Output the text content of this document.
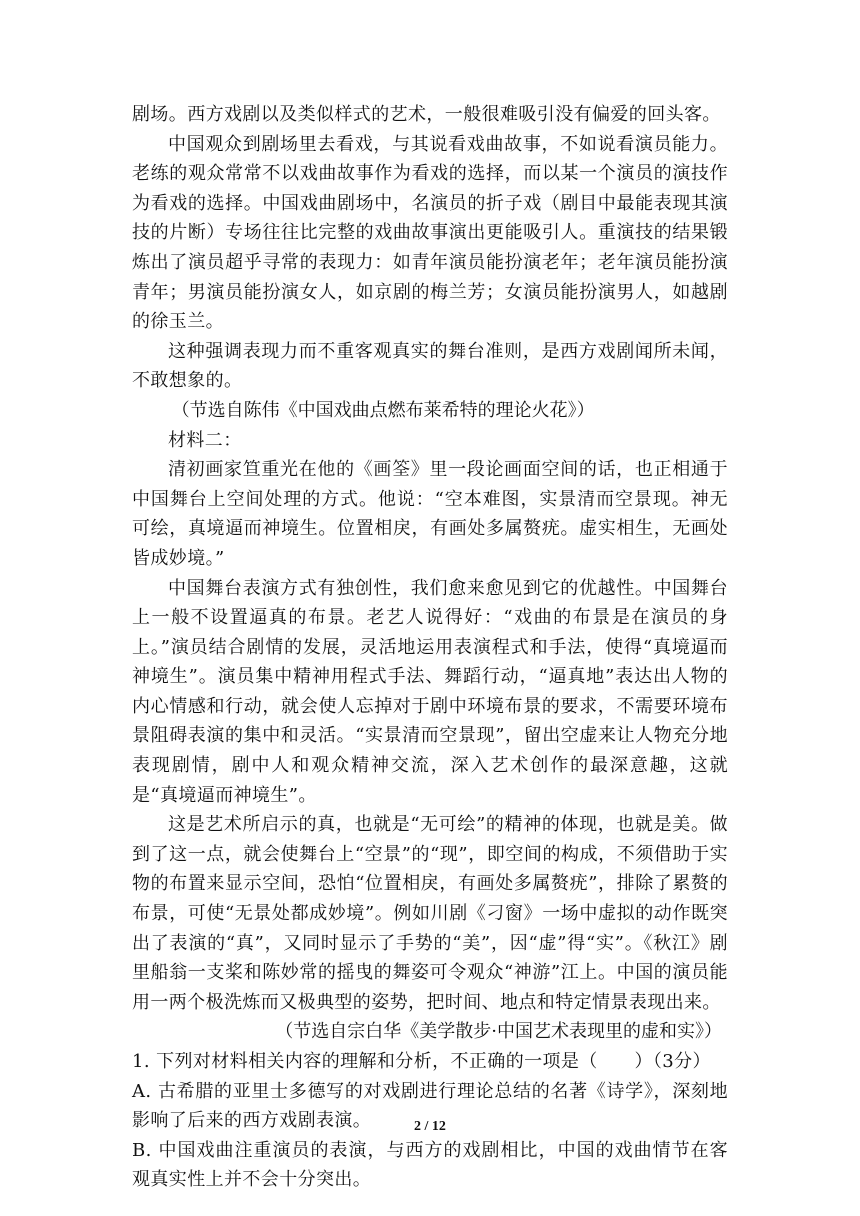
剧场。西方戏剧以及类似样式的艺术，一般很难吸引没有偏爱的回头客。

中国观众到剧场里去看戏，与其说看戏曲故事，不如说看演员能力。老练的观众常常不以戏曲故事作为看戏的选择，而以某一个演员的演技作为看戏的选择。中国戏曲剧场中，名演员的折子戏（剧目中最能表现其演技的片断）专场往往比完整的戏曲故事演出更能吸引人。重演技的结果锻炼出了演员超乎寻常的表现力：如青年演员能扮演老年；老年演员能扮演青年；男演员能扮演女人，如京剧的梅兰芳；女演员能扮演男人，如越剧的徐玉兰。

这种强调表现力而不重客观真实的舞台准则，是西方戏剧闻所未闻，不敢想象的。

（节选自陈伟《中国戏曲点燃布莱希特的理论火花》）

材料二：

清初画家笪重光在他的《画筌》里一段论画面空间的话，也正相通于中国舞台上空间处理的方式。他说：“空本难图，实景清而空景现。神无可绘，真境逼而神境生。位置相戾，有画处多属赘疣。虚实相生，无画处皆成妙境。”

中国舞台表演方式有独创性，我们愈来愈见到它的优越性。中国舞台上一般不设置逼真的布景。老艺人说得好：“戏曲的布景是在演员的身上。”演员结合剧情的发展，灵活地运用表演程式和手法，使得“真境逼而神境生”。演员集中精神用程式手法、舞蹈行动，“逼真地”表达出人物的内心情感和行动，就会使人忘掉对于剧中环境布景的要求，不需要环境布景阻碍表演的集中和灵活。“实景清而空景现”，留出空虚来让人物充分地表现剧情，剧中人和观众精神交流，深入艺术创作的最深意趣，这就是“真境逼而神境生”。

这是艺术所启示的真，也就是“无可绘”的精神的体现，也就是美。做到了这一点，就会使舞台上“空景”的“现”，即空间的构成，不须借助于实物的布置来显示空间，恐怕“位置相戾，有画处多属赘疣”，排除了累赘的布景，可使“无景处都成妙境”。例如川剧《刁窗》一场中虚拟的动作既突出了表演的“真”，又同时显示了手势的“美”，因“虚”得“实”。《秋江》剧里船翁一支桨和陈妙常的摇曳的舞姿可令观众“神游”江上。中国的演员能用一两个极洗炼而又极典型的姿势，把时间、地点和特定情景表现出来。

（节选自宗白华《美学散步·中国艺术表现里的虚和实》）

1. 下列对材料相关内容的理解和分析，不正确的一项是（　　）（3分）

A. 古希腊的亚里士多德写的对戏剧进行理论总结的名著《诗学》，深刻地影响了后来的西方戏剧表演。

B. 中国戏曲注重演员的表演，与西方的戏剧相比，中国的戏曲情节在客观真实性上并不会十分突出。

2 / 12
